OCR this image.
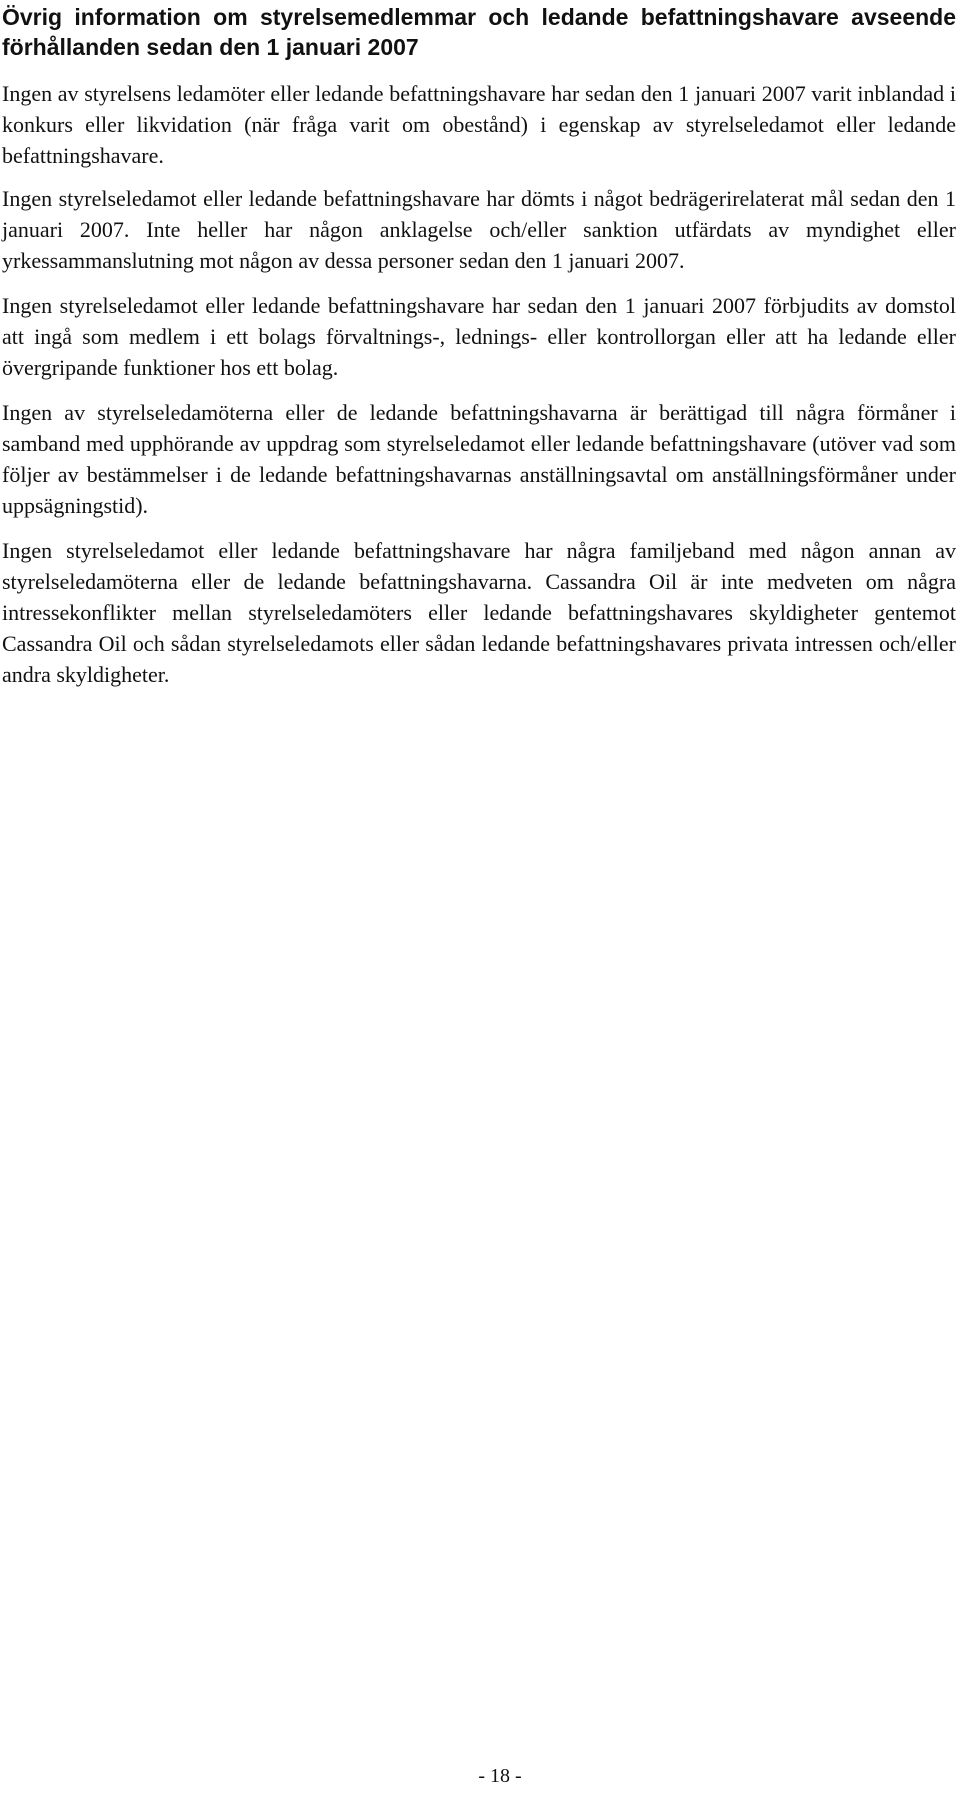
Övrig information om styrelsemedlemmar och ledande befattningshavare avseende förhållanden sedan den 1 januari 2007

Ingen av styrelsens ledamöter eller ledande befattningshavare har sedan den 1 januari 2007 varit inblandad i konkurs eller likvidation (när fråga varit om obestånd) i egenskap av styrelseledamot eller ledande befattningshavare.

Ingen styrelseledamot eller ledande befattningshavare har dömts i något bedrägerirelaterat mål sedan den 1 januari 2007. Inte heller har någon anklagelse och/eller sanktion utfärdats av myndighet eller yrkessammanslutning mot någon av dessa personer sedan den 1 januari 2007.

Ingen styrelseledamot eller ledande befattningshavare har sedan den 1 januari 2007 förbjudits av domstol att ingå som medlem i ett bolags förvaltnings-, lednings- eller kontrollorgan eller att ha ledande eller övergripande funktioner hos ett bolag.

Ingen av styrelseledamöterna eller de ledande befattningshavarna är berättigad till några förmåner i samband med upphörande av uppdrag som styrelseledamot eller ledande befattningshavare (utöver vad som följer av bestämmelser i de ledande befattningshavarnas anställningsavtal om anställningsförmåner under uppsägningstid).

Ingen styrelseledamot eller ledande befattningshavare har några familjeband med någon annan av styrelseledamöterna eller de ledande befattningshavarna. Cassandra Oil är inte medveten om några intressekonflikter mellan styrelseledamöters eller ledande befattningshavares skyldigheter gentemot Cassandra Oil och sådan styrelseledamots eller sådan ledande befattningshavares privata intressen och/eller andra skyldigheter.

- 18 -
